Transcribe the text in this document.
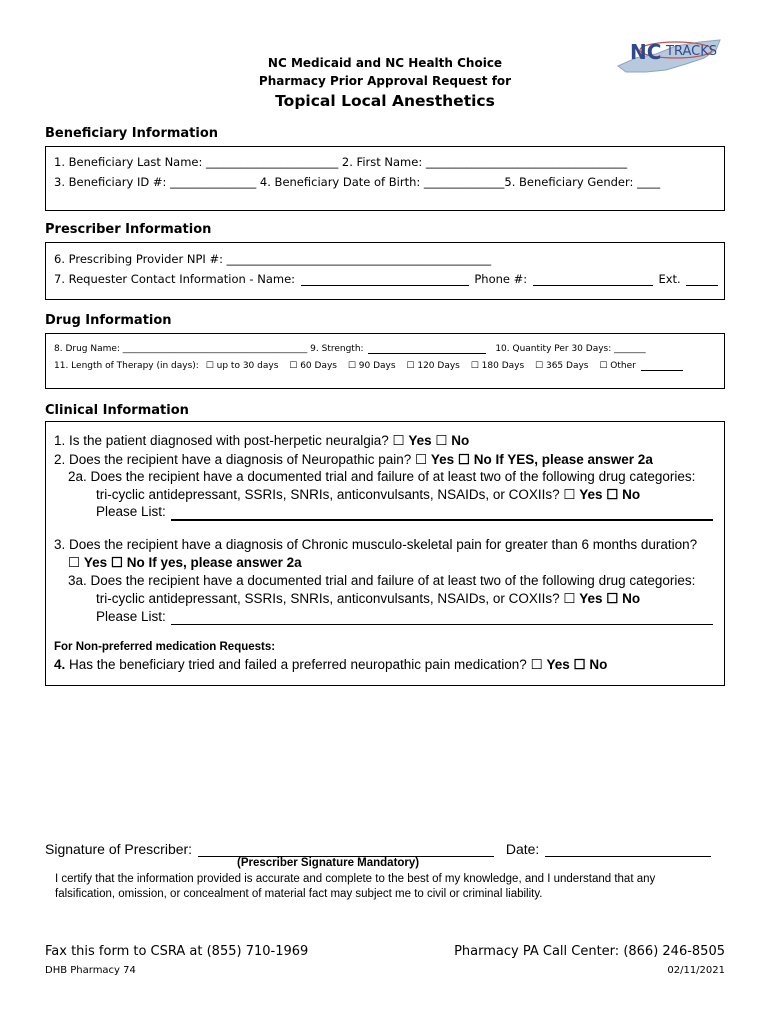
NC Medicaid and NC Health Choice
Pharmacy Prior Approval Request for
Topical Local Anesthetics
NC TRACKS
Beneficiary Information
1. Beneficiary Last Name: _______________________ 2. First Name: ___________________________________
3. Beneficiary ID #: _______________ 4. Beneficiary Date of Birth: ______________5. Beneficiary Gender: ____
Prescriber Information
6. Prescribing Provider NPI #: ______________________________________________
7. Requester Contact Information - Name:	Phone #:	Ext.
Drug Information
8. Drug Name: _________________________________________ 9. Strength:	10. Quantity Per 30 Days: _______
11. Length of Therapy (in days): ☐ up to 30 days ☐ 60 Days ☐ 90 Days ☐ 120 Days ☐ 180 Days ☐ 365 Days ☐ Other
Clinical Information
1. Is the patient diagnosed with post-herpetic neuralgia? ☐ Yes ☐ No
2. Does the recipient have a diagnosis of Neuropathic pain? ☐ Yes ☐ No If YES, please answer 2a
2a. Does the recipient have a documented trial and failure of at least two of the following drug categories:
tri-cyclic antidepressant, SSRIs, SNRIs, anticonvulsants, NSAIDs, or COXIIs? ☐ Yes ☐ No
Please List:
3. Does the recipient have a diagnosis of Chronic musculo-skeletal pain for greater than 6 months duration?
☐ Yes ☐ No If yes, please answer 2a
3a. Does the recipient have a documented trial and failure of at least two of the following drug categories:
tri-cyclic antidepressant, SSRIs, SNRIs, anticonvulsants, NSAIDs, or COXIIs? ☐ Yes ☐ No
Please List:
For Non-preferred medication Requests:
4. Has the beneficiary tried and failed a preferred neuropathic pain medication? ☐ Yes ☐ No
Signature of Prescriber:	Date:
(Prescriber Signature Mandatory)
I certify that the information provided is accurate and complete to the best of my knowledge, and I understand that any
falsification, omission, or concealment of material fact may subject me to civil or criminal liability.
Fax this form to CSRA at (855) 710-1969	Pharmacy PA Call Center: (866) 246-8505
DHB Pharmacy 74	02/11/2021
